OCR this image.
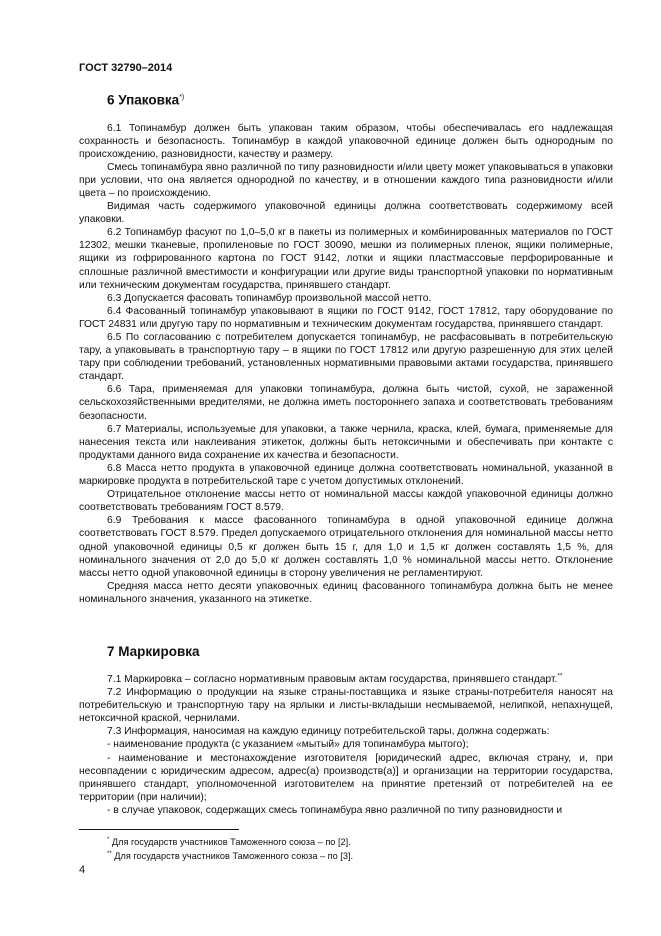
ГОСТ 32790–2014
6 Упаковка*)

6.1 Топинамбур должен быть упакован таким образом, чтобы обеспечивалась его надлежащая сохранность и безопасность. Топинамбур в каждой упаковочной единице должен быть однородным по происхождению, разновидности, качеству и размеру.

Смесь топинамбура явно различной по типу разновидности и/или цвету может упаковываться в упаковки при условии, что она является однородной по качеству, и в отношении каждого типа разновидности и/или цвета – по происхождению.

Видимая часть содержимого упаковочной единицы должна соответствовать содержимому всей упаковки.

6.2 Топинамбур фасуют по 1,0–5,0 кг в пакеты из полимерных и комбинированных материалов по ГОСТ 12302, мешки тканевые, пропиленовые по ГОСТ 30090, мешки из полимерных пленок, ящики полимерные, ящики из гофрированного картона по ГОСТ 9142, лотки и ящики пластмассовые перфорированные и сплошные различной вместимости и конфигурации или другие виды транспортной упаковки по нормативным или техническим документам государства, принявшего стандарт.

6.3 Допускается фасовать топинамбур произвольной массой нетто.

6.4 Фасованный топинамбур упаковывают в ящики по ГОСТ 9142, ГОСТ 17812, тару оборудование по ГОСТ 24831 или другую тару по нормативным и техническим документам государства, принявшего стандарт.

6.5 По согласованию с потребителем допускается топинамбур, не расфасовывать в потребительскую тару, а упаковывать в транспортную тару – в ящики по ГОСТ 17812 или другую разрешенную для этих целей тару при соблюдении требований, установленных нормативными правовыми актами государства, принявшего стандарт.

6.6 Тара, применяемая для упаковки топинамбура, должна быть чистой, сухой, не зараженной сельскохозяйственными вредителями, не должна иметь постороннего запаха и соответствовать требованиям безопасности.

6.7 Материалы, используемые для упаковки, а также чернила, краска, клей, бумага, применяемые для нанесения текста или наклеивания этикеток, должны быть нетоксичными и обеспечивать при контакте с продуктами данного вида сохранение их качества и безопасности.

6.8 Масса нетто продукта в упаковочной единице должна соответствовать номинальной, указанной в маркировке продукта в потребительской таре с учетом допустимых отклонений.

Отрицательное отклонение массы нетто от номинальной массы каждой упаковочной единицы должно соответствовать требованиям ГОСТ 8.579.

6.9 Требования к массе фасованного топинамбура в одной упаковочной единице должна соответствовать ГОСТ 8.579. Предел допускаемого отрицательного отклонения для номинальной массы нетто одной упаковочной единицы 0,5 кг должен быть 15 г, для 1,0 и 1,5 кг должен составлять 1,5 %, для номинального значения от 2,0 до 5,0 кг должен составлять 1,0 % номинальной массы нетто. Отклонение массы нетто одной упаковочной единицы в сторону увеличения не регламентируют.

Средняя масса нетто десяти упаковочных единиц фасованного топинамбура должна быть не менее номинального значения, указанного на этикетке.

7 Маркировка

7.1 Маркировка – согласно нормативным правовым актам государства, принявшего стандарт.**

7.2 Информацию о продукции на языке страны-поставщика и языке страны-потребителя наносят на потребительскую и транспортную тару на ярлыки и листы-вкладыши несмываемой, нелипкой, непахнущей, нетоксичной краской, чернилами.

7.3 Информация, наносимая на каждую единицу потребительской тары, должна содержать:

- наименование продукта (с указанием «мытый» для топинамбура мытого);

- наименование и местонахождение изготовителя [юридический адрес, включая страну, и, при несовпадении с юридическим адресом, адрес(а) производств(а)] и организации на территории государства, принявшего стандарт, уполномоченной изготовителем на принятие претензий от потребителей на ее территории (при наличии);

- в случае упаковок, содержащих смесь топинамбура явно различной по типу разновидности и

* Для государств участников Таможенного союза – по [2].
** Для государств участников Таможенного союза – по [3].
4
